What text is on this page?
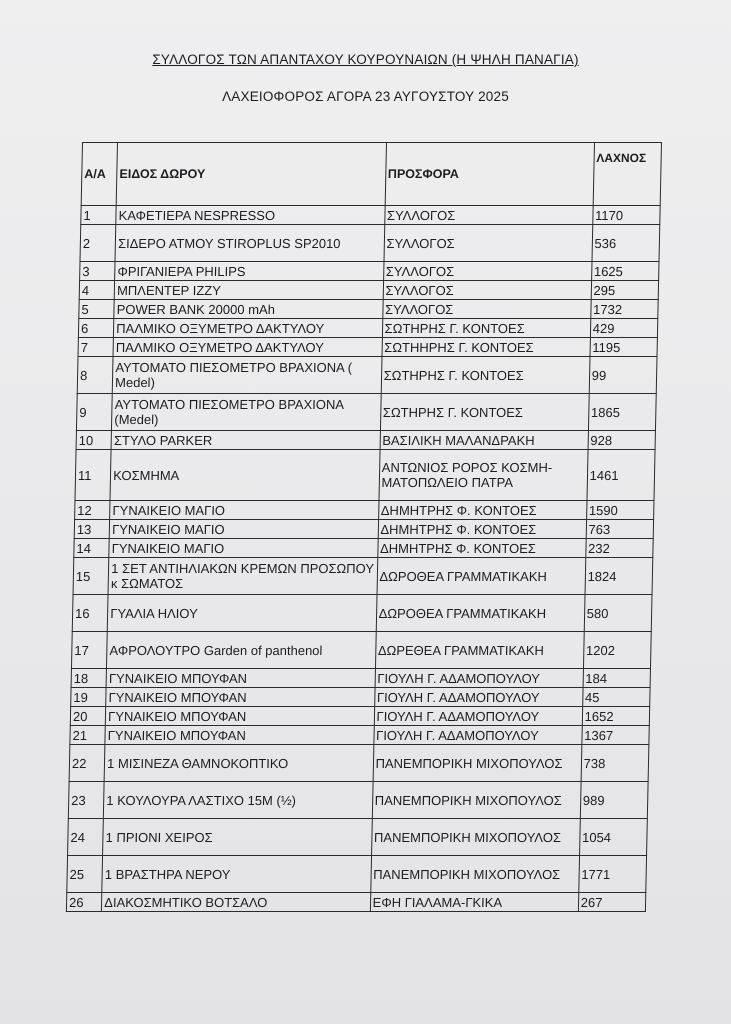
ΣΥΛΛΟΓΟΣ ΤΩΝ ΑΠΑΝΤΑΧΟΥ ΚΟΥΡΟΥΝΑΙΩΝ (Η ΨΗΛΗ ΠΑΝΑΓΙΑ)
ΛΑΧΕΙΟΦΟΡΟΣ ΑΓΟΡΑ 23 ΑΥΓΟΥΣΤΟΥ 2025
Α/Α	ΕΙΔΟΣ ΔΩΡΟΥ	ΠΡΟΣΦΟΡΑ	ΛΑΧΝΟΣ
1	ΚΑΦΕΤΙΕΡΑ NESPRESSO	ΣΥΛΛΟΓΟΣ	1170
2	ΣΙΔΕΡΟ ΑΤΜΟΥ STIROPLUS SP2010	ΣΥΛΛΟΓΟΣ	536
3	ΦΡΙΓΑΝΙΕΡΑ PHILIPS	ΣΥΛΛΟΓΟΣ	1625
4	ΜΠΛΕΝΤΕΡ IZZY	ΣΥΛΛΟΓΟΣ	295
5	POWER BANK 20000 mAh	ΣΥΛΛΟΓΟΣ	1732
6	ΠΑΛΜΙΚΟ ΟΞΥΜΕΤΡΟ ΔΑΚΤΥΛΟΥ	ΣΩΤΗΡΗΣ Γ. ΚΟΝΤΟΕΣ	429
7	ΠΑΛΜΙΚΟ ΟΞΥΜΕΤΡΟ ΔΑΚΤΥΛΟΥ	ΣΩΤΗΗΡΗΣ Γ. ΚΟΝΤΟΕΣ	1195
8	ΑΥΤΟΜΑΤΟ ΠΙΕΣΟΜΕΤΡΟ ΒΡΑΧΙΟΝΑ ( Medel)	ΣΩΤΗΡΗΣ Γ. ΚΟΝΤΟΕΣ	99
9	ΑΥΤΟΜΑΤΟ ΠΙΕΣΟΜΕΤΡΟ ΒΡΑΧΙΟΝΑ (Medel)	ΣΩΤΗΡΗΣ Γ. ΚΟΝΤΟΕΣ	1865
10	ΣΤΥΛΟ PARKER	ΒΑΣΙΛΙΚΗ ΜΑΛΑΝΔΡΑΚΗ	928
11	ΚΟΣΜΗΜΑ	ΑΝΤΩΝΙΟΣ ΡΟΡΟΣ ΚΟΣΜΗ-ΜΑΤΟΠΩΛΕΙΟ ΠΑΤΡΑ	1461
12	ΓΥΝΑΙΚΕΙΟ ΜΑΓΙΟ	ΔΗΜΗΤΡΗΣ Φ. ΚΟΝΤΟΕΣ	1590
13	ΓΥΝΑΙΚΕΙΟ ΜΑΓΙΟ	ΔΗΜΗΤΡΗΣ Φ. ΚΟΝΤΟΕΣ	763
14	ΓΥΝΑΙΚΕΙΟ ΜΑΓΙΟ	ΔΗΜΗΤΡΗΣ Φ. ΚΟΝΤΟΕΣ	232
15	1 ΣΕΤ ΑΝΤΙΗΛΙΑΚΩΝ ΚΡΕΜΩΝ ΠΡΟΣΩΠΟΥ κ ΣΩΜΑΤΟΣ	ΔΩΡΟΘΕΑ ΓΡΑΜΜΑΤΙΚΑΚΗ	1824
16	ΓΥΑΛΙΑ ΗΛΙΟΥ	ΔΩΡΟΘΕΑ ΓΡΑΜΜΑΤΙΚΑΚΗ	580
17	ΑΦΡΟΛΟΥΤΡΟ Garden of panthenol	ΔΩΡΕΘΕΑ ΓΡΑΜΜΑΤΙΚΑΚΗ	1202
18	ΓΥΝΑΙΚΕΙΟ ΜΠΟΥΦΑΝ	ΓΙΟΥΛΗ Γ. ΑΔΑΜΟΠΟΥΛΟΥ	184
19	ΓΥΝΑΙΚΕΙΟ ΜΠΟΥΦΑΝ	ΓΙΟΥΛΗ Γ. ΑΔΑΜΟΠΟΥΛΟΥ	45
20	ΓΥΝΑΙΚΕΙΟ ΜΠΟΥΦΑΝ	ΓΙΟΥΛΗ Γ. ΑΔΑΜΟΠΟΥΛΟΥ	1652
21	ΓΥΝΑΙΚΕΙΟ ΜΠΟΥΦΑΝ	ΓΙΟΥΛΗ Γ. ΑΔΑΜΟΠΟΥΛΟΥ	1367
22	1 ΜΙΣΙΝΕΖΑ ΘΑΜΝΟΚΟΠΤΙΚΟ	ΠΑΝΕΜΠΟΡΙΚΗ ΜΙΧΟΠΟΥΛΟΣ	738
23	1 ΚΟΥΛΟΥΡΑ ΛΑΣΤΙΧΟ 15Μ (½)	ΠΑΝΕΜΠΟΡΙΚΗ ΜΙΧΟΠΟΥΛΟΣ	989
24	1 ΠΡΙΟΝΙ ΧΕΙΡΟΣ	ΠΑΝΕΜΠΟΡΙΚΗ ΜΙΧΟΠΟΥΛΟΣ	1054
25	1 ΒΡΑΣΤΗΡΑ ΝΕΡΟΥ	ΠΑΝΕΜΠΟΡΙΚΗ ΜΙΧΟΠΟΥΛΟΣ	1771
26	ΔΙΑΚΟΣΜΗΤΙΚΟ ΒΟΤΣΑΛΟ	ΕΦΗ ΓΙΑΛΑΜΑ-ΓΚΙΚΑ	267
